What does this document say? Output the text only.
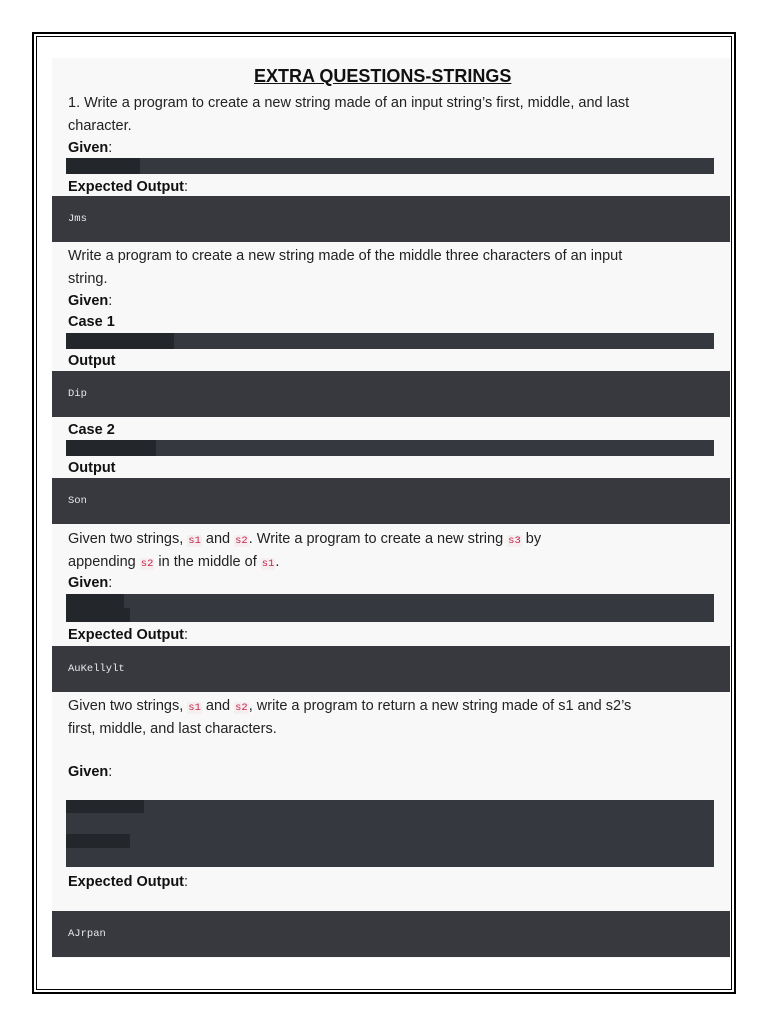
EXTRA QUESTIONS-STRINGS
1. Write a program to create a new string made of an input string’s first, middle, and last
character.
Given:
Expected Output:
Jms
Write a program to create a new string made of the middle three characters of an input
string.
Given:
Case 1
Output
Dip
Case 2
Output
Son
Given two strings, s1 and s2. Write a program to create a new string s3 by
appending s2 in the middle of s1.
Given:
Expected Output:
AuKellylt
Given two strings, s1 and s2, write a program to return a new string made of s1 and s2’s
first, middle, and last characters.
Given:
Expected Output:
AJrpan
